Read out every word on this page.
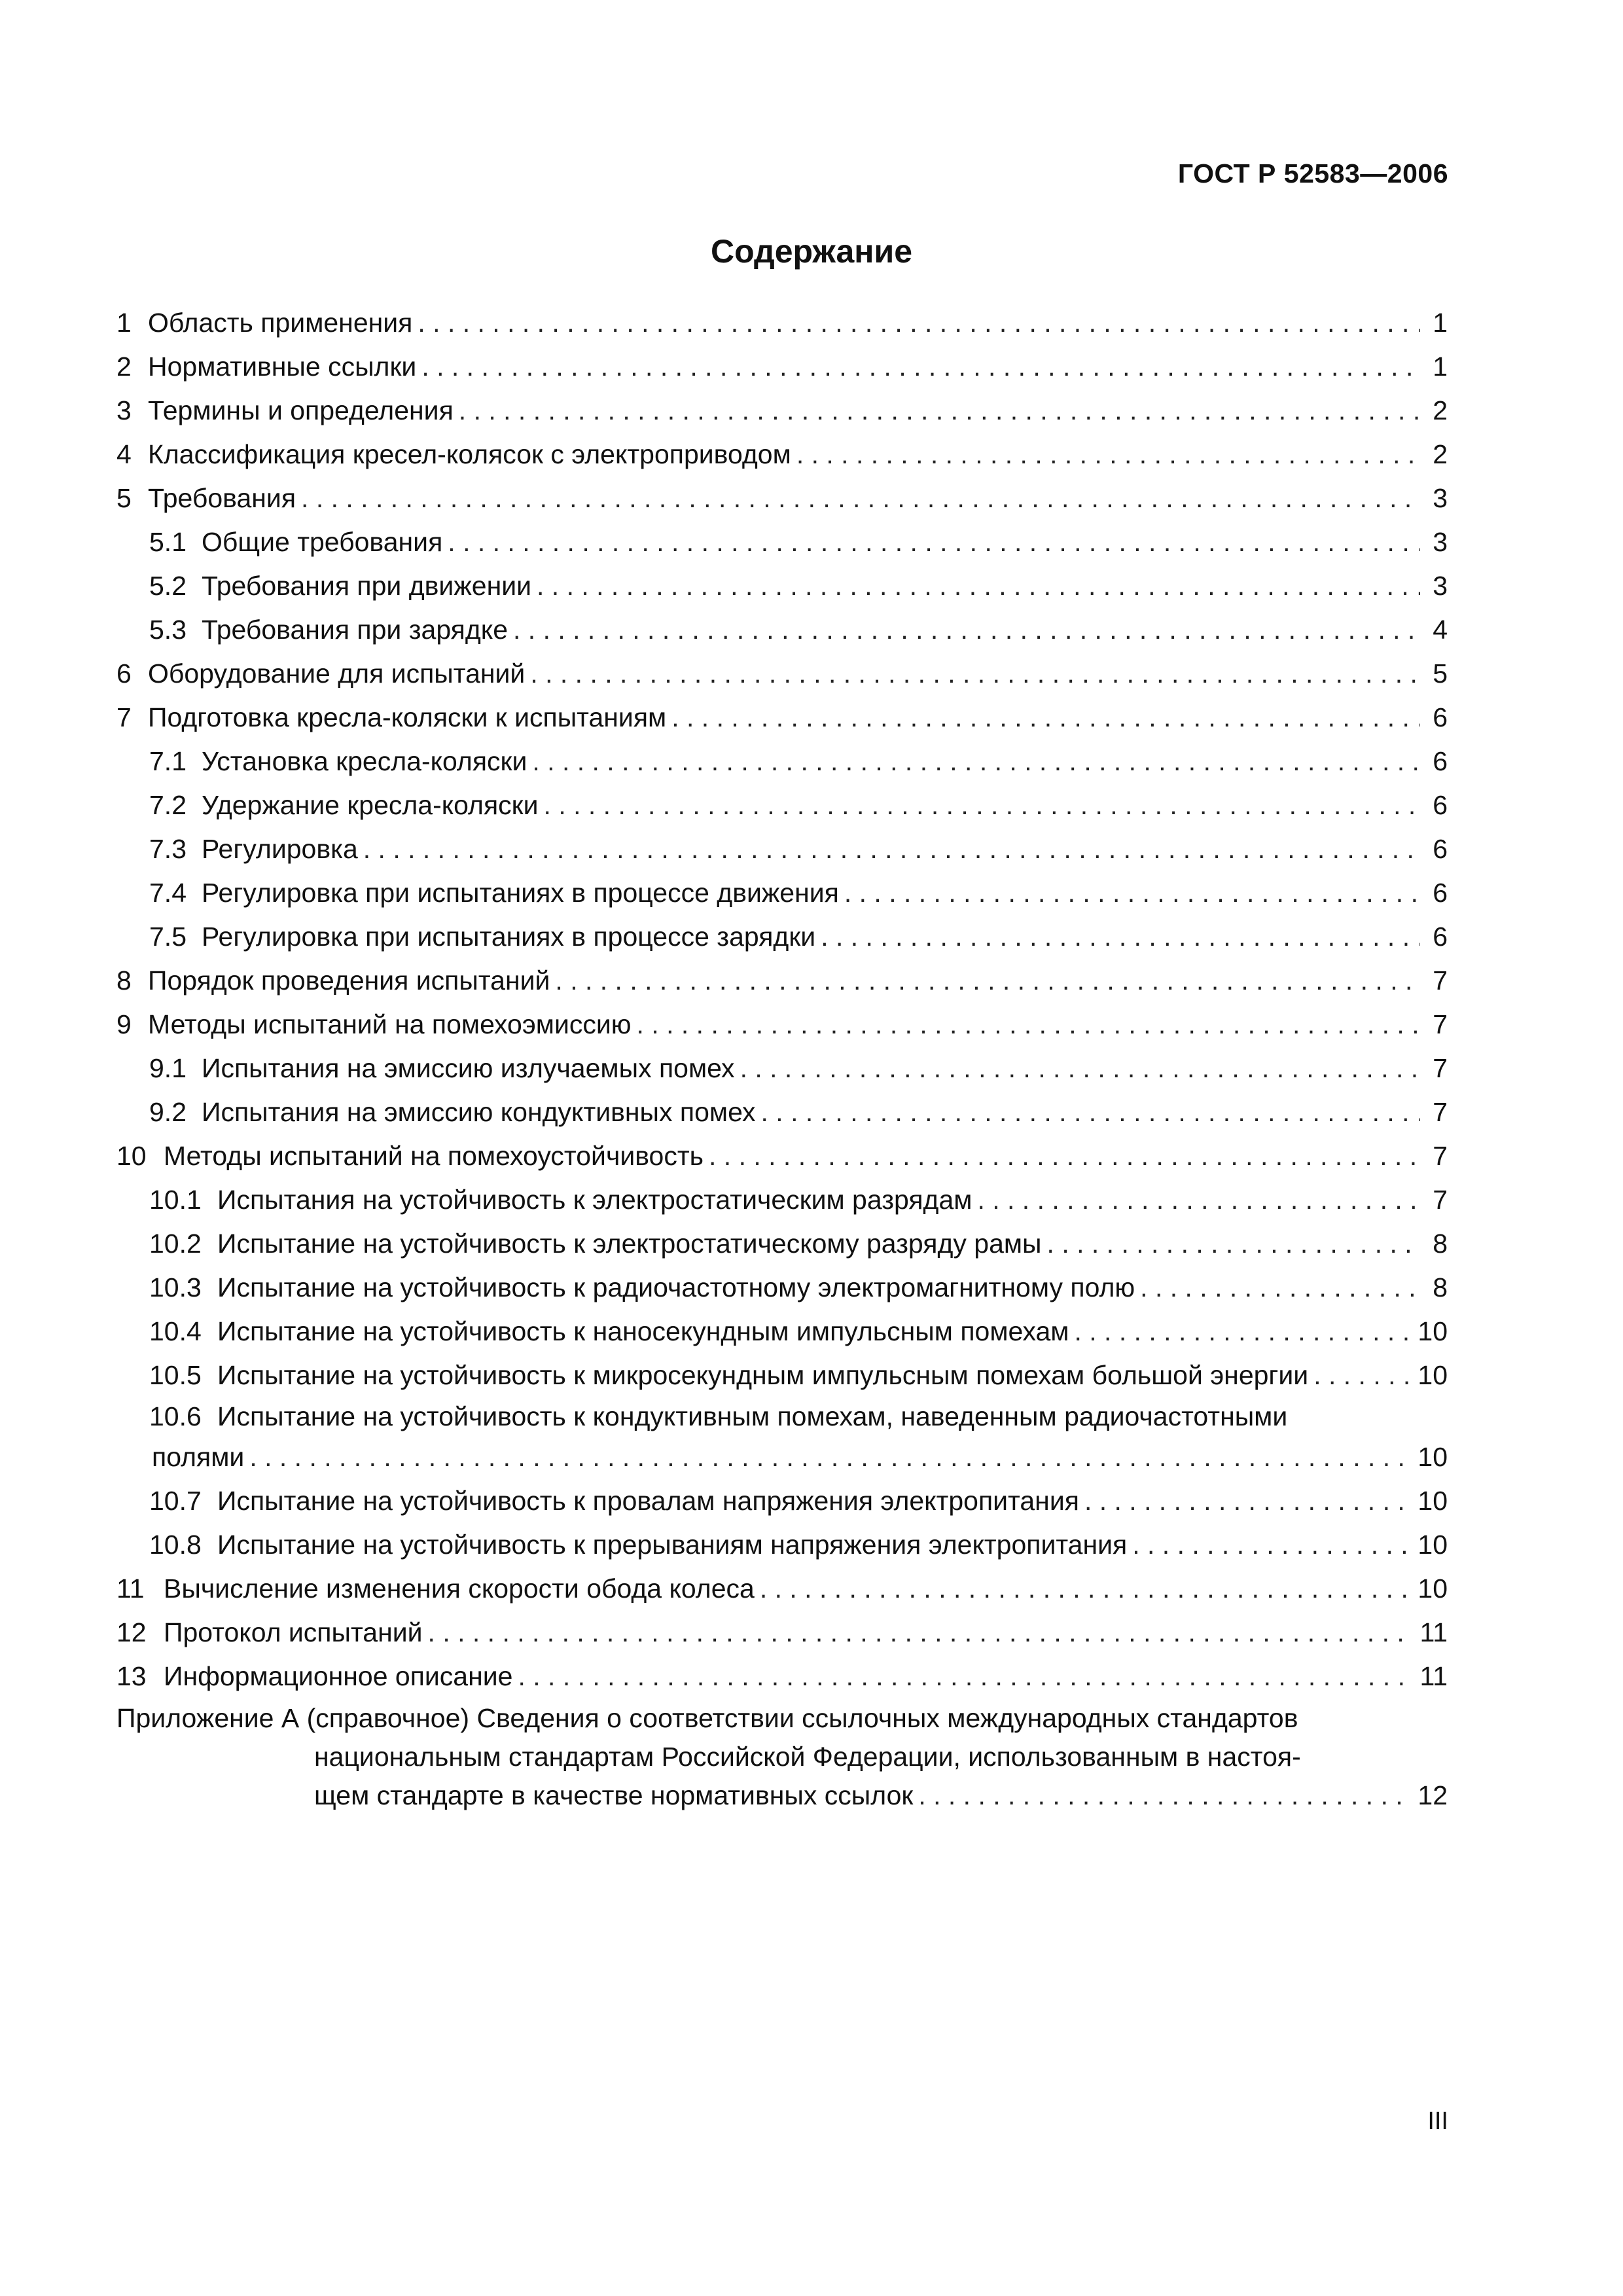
ГОСТ Р 52583—2006
Содержание
1 Область применения . . .	1
2 Нормативные ссылки . . .	1
3 Термины и определения . . .	2
4 Классификация кресел-колясок с электроприводом . . .	2
5 Требования . . .	3
5.1 Общие требования . . .	3
5.2 Требования при движении . . .	3
5.3 Требования при зарядке . . .	4
6 Оборудование для испытаний . . .	5
7 Подготовка кресла-коляски к испытаниям . . .	6
7.1 Установка кресла-коляски . . .	6
7.2 Удержание кресла-коляски . . .	6
7.3 Регулировка . . .	6
7.4 Регулировка при испытаниях в процессе движения . . .	6
7.5 Регулировка при испытаниях в процессе зарядки . . .	6
8 Порядок проведения испытаний . . .	7
9 Методы испытаний на помехоэмиссию . . .	7
9.1 Испытания на эмиссию излучаемых помех . . .	7
9.2 Испытания на эмиссию кондуктивных помех . . .	7
10 Методы испытаний на помехоустойчивость . . .	7
10.1 Испытания на устойчивость к электростатическим разрядам . . .	7
10.2 Испытание на устойчивость к электростатическому разряду рамы . . .	8
10.3 Испытание на устойчивость к радиочастотному электромагнитному полю . . .	8
10.4 Испытание на устойчивость к наносекундным импульсным помехам . . .	10
10.5 Испытание на устойчивость к микросекундным импульсным помехам большой энергии . . .	10
10.6 Испытание на устойчивость к кондуктивным помехам, наведенным радиочастотными
полями . . .	10
10.7 Испытание на устойчивость к провалам напряжения электропитания . . .	10
10.8 Испытание на устойчивость к прерываниям напряжения электропитания . . .	10
11 Вычисление изменения скорости обода колеса . . .	10
12 Протокол испытаний . . .	11
13 Информационное описание . . .	11
Приложение А (справочное) Сведения о соответствии ссылочных международных стандартов
национальным стандартам Российской Федерации, использованным в настоя-
щем стандарте в качестве нормативных ссылок . . .	12
III
